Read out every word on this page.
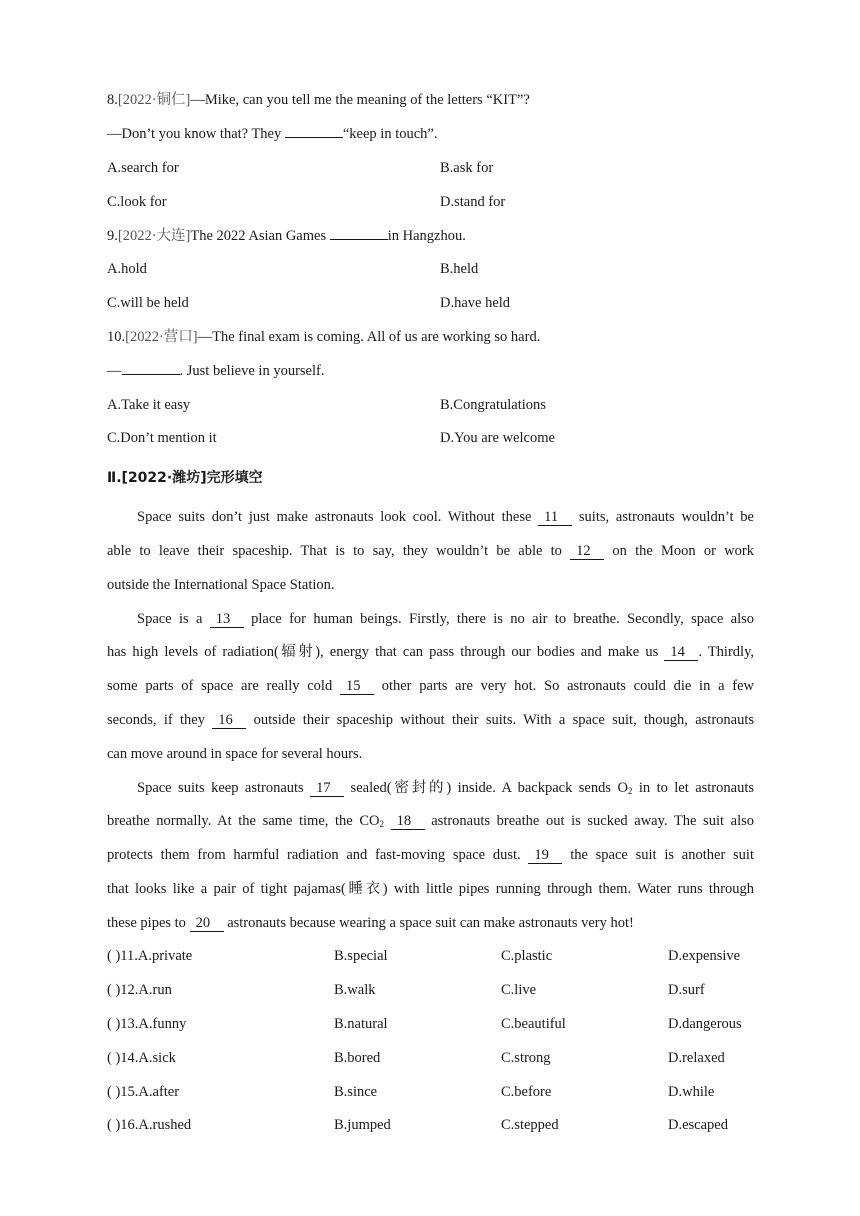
8.[2022·铜仁]—Mike, can you tell me the meaning of the letters “KIT”?
—Don’t you know that? They	“keep in touch”.
A.search for	B.ask for
C.look for	D.stand for
9.[2022·大连]The 2022 Asian Games	in Hangzhou.
A.hold	B.held
C.will be held	D.have held
10.[2022·营口]—The final exam is coming. All of us are working so hard.
—	. Just believe in yourself.
A.Take it easy	B.Congratulations
C.Don’t mention it	D.You are welcome
Ⅱ.[2022·潍坊]完形填空
Space suits don’t just make astronauts look cool. Without these 11 suits, astronauts wouldn’t be
able to leave their spaceship. That is to say, they wouldn’t be able to 12 on the Moon or work
outside the International Space Station.
Space is a 13 place for human beings. Firstly, there is no air to breathe. Secondly, space also
has high levels of radiation(辐射), energy that can pass through our bodies and make us 14 . Thirdly,
some parts of space are really cold 15 other parts are very hot. So astronauts could die in a few
seconds, if they 16 outside their spaceship without their suits. With a space suit, though, astronauts
can move around in space for several hours.
Space suits keep astronauts 17 sealed(密封的) inside. A backpack sends $O_2$ in to let astronauts
breathe normally. At the same time, the $CO_2$ 18 astronauts breathe out is sucked away. The suit also
protects them from harmful radiation and fast-moving space dust. 19 the space suit is another suit
that looks like a pair of tight pajamas(睡衣) with little pipes running through them. Water runs through
these pipes to 20 astronauts because wearing a space suit can make astronauts very hot!
( )11.A.private	B.special	C.plastic	D.expensive
( )12.A.run	B.walk	C.live	D.surf
( )13.A.funny	B.natural	C.beautiful	D.dangerous
( )14.A.sick	B.bored	C.strong	D.relaxed
( )15.A.after	B.since	C.before	D.while
( )16.A.rushed	B.jumped	C.stepped	D.escaped
